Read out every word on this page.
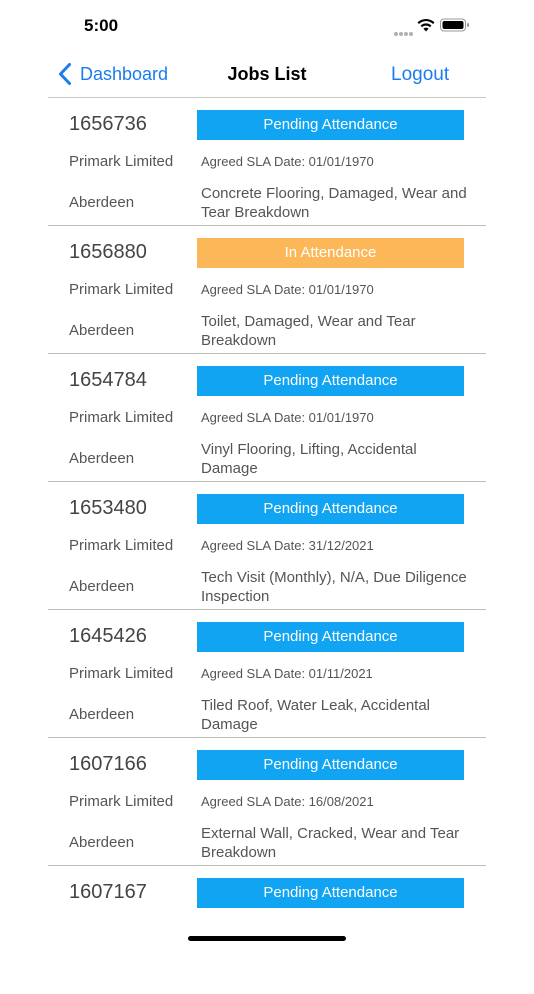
5:00
Dashboard	Jobs List	Logout
1656736	Pending Attendance
Primark Limited Agreed SLA Date: 01/01/1970
Aberdeen
Concrete Flooring, Damaged, Wear and Tear Breakdown
1656880	In Attendance
Primark Limited Agreed SLA Date: 01/01/1970
Aberdeen
Toilet, Damaged, Wear and Tear Breakdown
1654784	Pending Attendance
Primark Limited Agreed SLA Date: 01/01/1970
Aberdeen
Vinyl Flooring, Lifting, Accidental Damage
1653480	Pending Attendance
Primark Limited Agreed SLA Date: 31/12/2021
Aberdeen
Tech Visit (Monthly), N/A, Due Diligence Inspection
1645426	Pending Attendance
Primark Limited Agreed SLA Date: 01/11/2021
Aberdeen
Tiled Roof, Water Leak, Accidental Damage
1607166	Pending Attendance
Primark Limited Agreed SLA Date: 16/08/2021
Aberdeen
External Wall, Cracked, Wear and Tear Breakdown
1607167	Pending Attendance
